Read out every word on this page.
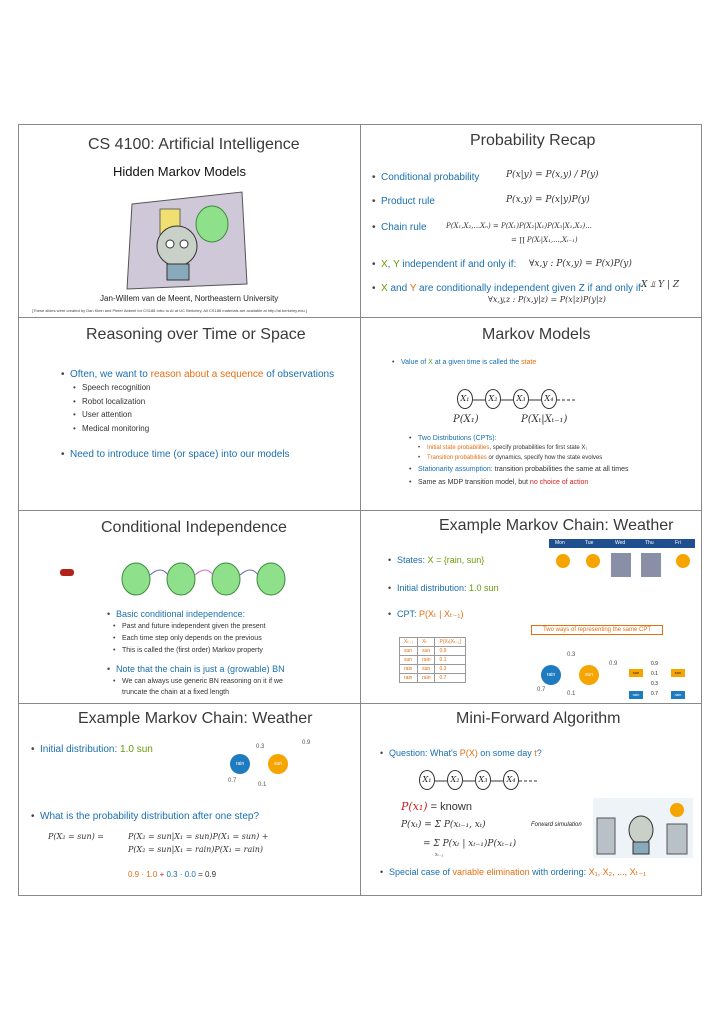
CS 4100: Artificial Intelligence
Hidden Markov Models
Jan-Willem van de Meent, Northeastern University
[These slides were created by Dan Klein and Pieter Abbeel for CS188 Intro to AI at UC Berkeley. All CS188 materials are available at http://ai.berkeley.edu.]
Probability Recap
• Conditional probability	P(x|y) = P(x,y) / P(y)
• Product rule	P(x,y) = P(x|y)P(y)
• Chain rule	P(X₁,X₂,...Xₙ) = P(X₁)P(X₂|X₁)P(X₃|X₁,X₂)...
= ∏ P(Xᵢ|X₁,...,Xᵢ₋₁)
• X, Y independent if and only if: ∀x,y : P(x,y) = P(x)P(y)
• X and Y are conditionally independent given Z if and only if:
X ⫫ Y | Z
∀x,y,z : P(x,y|z) = P(x|z)P(y|z)
Reasoning over Time or Space
• Often, we want to reason about a sequence of observations
• Speech recognition
• Robot localization
• User attention
• Medical monitoring
• Need to introduce time (or space) into our models
Markov Models
• Value of X at a given time is called the state
X₁	X₂	X₃	X₄
P(X₁)	P(Xₜ|Xₜ₋₁)
• Two Distributions (CPTs):
• Initial state probabilities, specify probabilities for first state X₁
• Transition probabilities or dynamics, specify how the state evolves
• Stationarity assumption: transition probabilities the same at all times
• Same as MDP transition model, but no choice of action
Conditional Independence
• Basic conditional independence:
• Past and future independent given the present
• Each time step only depends on the previous
• This is called the (first order) Markov property
• Note that the chain is just a (growable) BN
• We can always use generic BN reasoning on it if we
truncate the chain at a fixed length
Example Markov Chain: Weather
Mon	Tue	Wed	Thu	Fri
• States: X = {rain, sun}
• Initial distribution: 1.0 sun
• CPT: P(Xₜ | Xₜ₋₁)
Two ways of representing the same CPT
Xₜ₋₁	Xₜ	P(Xₜ|Xₜ₋₁)
sun	sun	0.9
sun	rain	0.1
rain	sun	0.3
rain	rain	0.7	rain	sun
0.9
0.3
0.7
0.1
sun	sun
rain	rain
0.9
0.1
0.3
0.7
Example Markov Chain: Weather
• Initial distribution: 1.0 sun
rain	sun
0.9
0.3
0.7
0.1
• What is the probability distribution after one step?
P(X₂ = sun) =	P(X₂ = sun|X₁ = sun)P(X₁ = sun) +
P(X₂ = sun|X₁ = rain)P(X₁ = rain)
0.9 · 1.0 + 0.3 · 0.0 = 0.9
Mini-Forward Algorithm
• Question: What's P(X) on some day t?
X₁	X₂	X₃	X₄
P(x₁) = known
P(xₜ) = Σ P(xₜ₋₁, xₜ)
= Σ P(xₜ | xₜ₋₁)P(xₜ₋₁)
xₜ₋₁
Forward simulation
• Special case of variable elimination with ordering: X₁, X₂, ..., Xₜ₋₁
